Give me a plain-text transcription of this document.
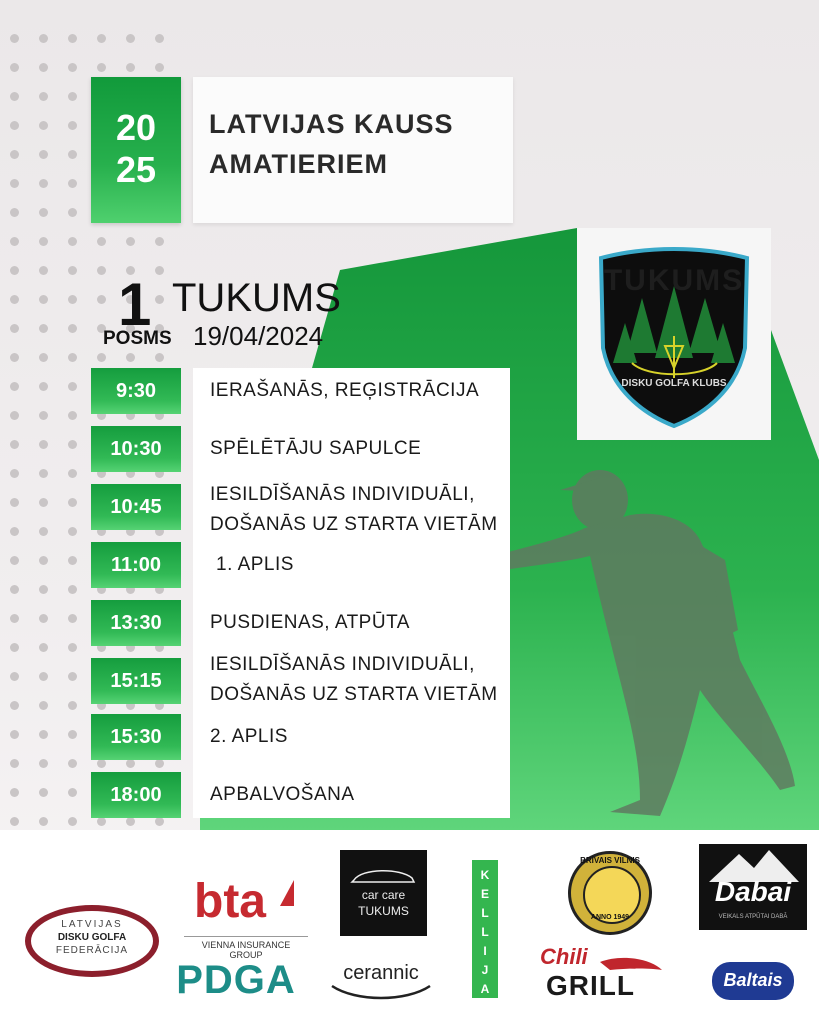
20
25
LATVIJAS KAUSS
AMATIERIEM
1
POSMS
TUKUMS
19/04/2024
9:30	IERAŠANĀS, REĢISTRĀCIJA
10:30	SPĒLĒTĀJU SAPULCE
10:45
IESILDĪŠANĀS INDIVIDUĀLI,
DOŠANĀS UZ STARTA VIETĀM
11:00	1. APLIS
13:30	PUSDIENAS, ATPŪTA
15:15
IESILDĪŠANĀS INDIVIDUĀLI,
DOŠANĀS UZ STARTA VIETĀM
15:30	2. APLIS
18:00	APBALVOŠANA
TUKUMS
DISKU GOLFA KLUBS
LATVIJAS
DISKU GOLFA
FEDERĀCIJA
bta
VIENNA INSURANCE GROUP
PDGA
car care
TUKUMS
cerannic
K
E
L
L
I
J
A
BRĪVAIS VILNIS
ANNO 1949
Chili
GRILL
Dabai
VEIKALS ATPŪTAI DABĀ
Baltais
